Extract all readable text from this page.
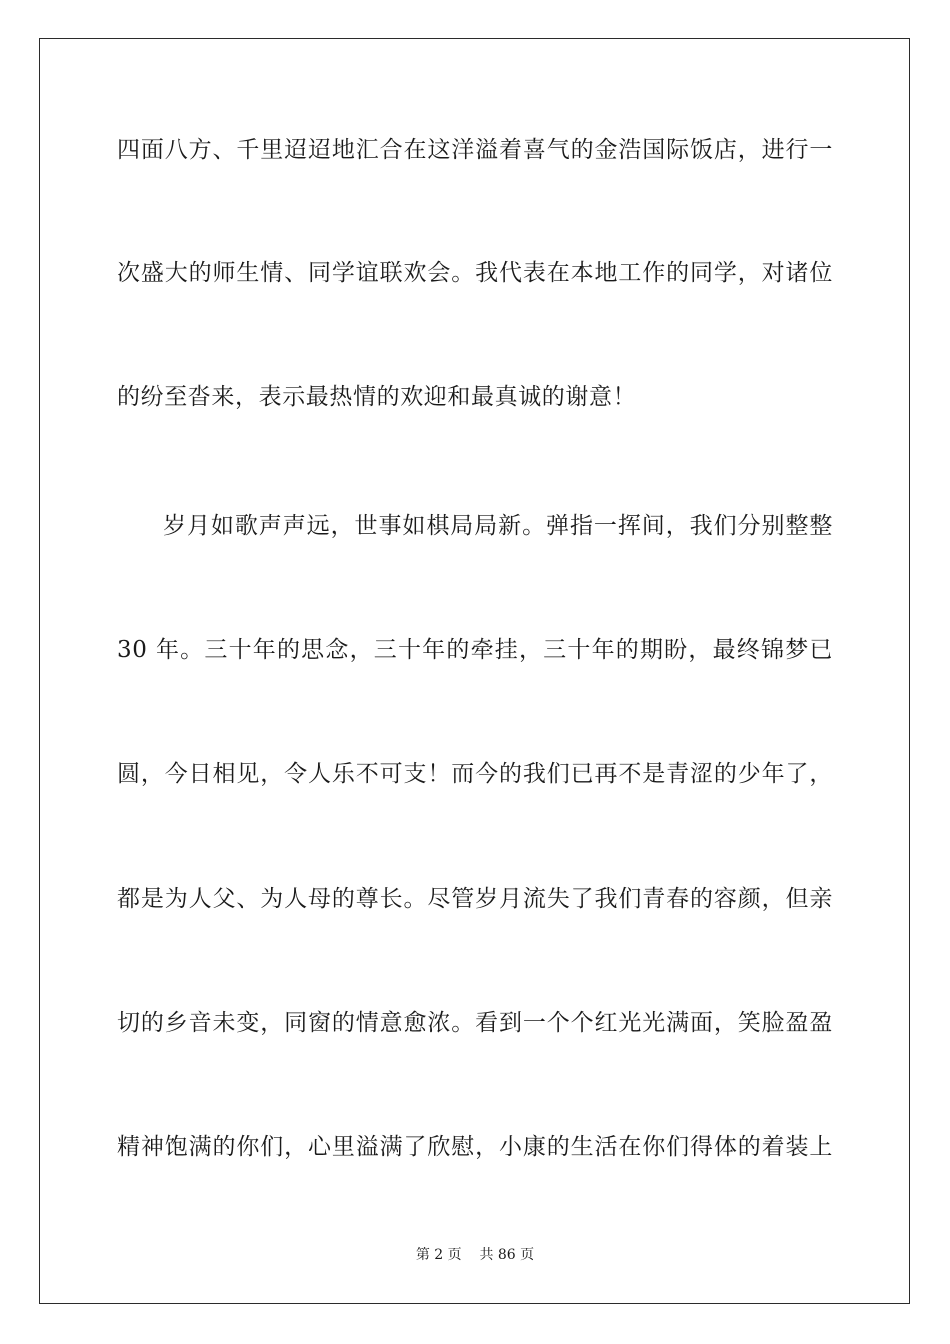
四面八方、千里迢迢地汇合在这洋溢着喜气的金浩国际饭店，进行一
次盛大的师生情、同学谊联欢会。我代表在本地工作的同学，对诸位
的纷至沓来，表示最热情的欢迎和最真诚的谢意！
岁月如歌声声远，世事如棋局局新。弹指一挥间，我们分别整整
30 年。三十年的思念，三十年的牵挂，三十年的期盼，最终锦梦已
圆，今日相见，令人乐不可支！而今的我们已再不是青涩的少年了，
都是为人父、为人母的尊长。尽管岁月流失了我们青春的容颜，但亲
切的乡音未变，同窗的情意愈浓。看到一个个红光光满面，笑脸盈盈
精神饱满的你们，心里溢满了欣慰，小康的生活在你们得体的着装上
第 2 页 共 86 页
